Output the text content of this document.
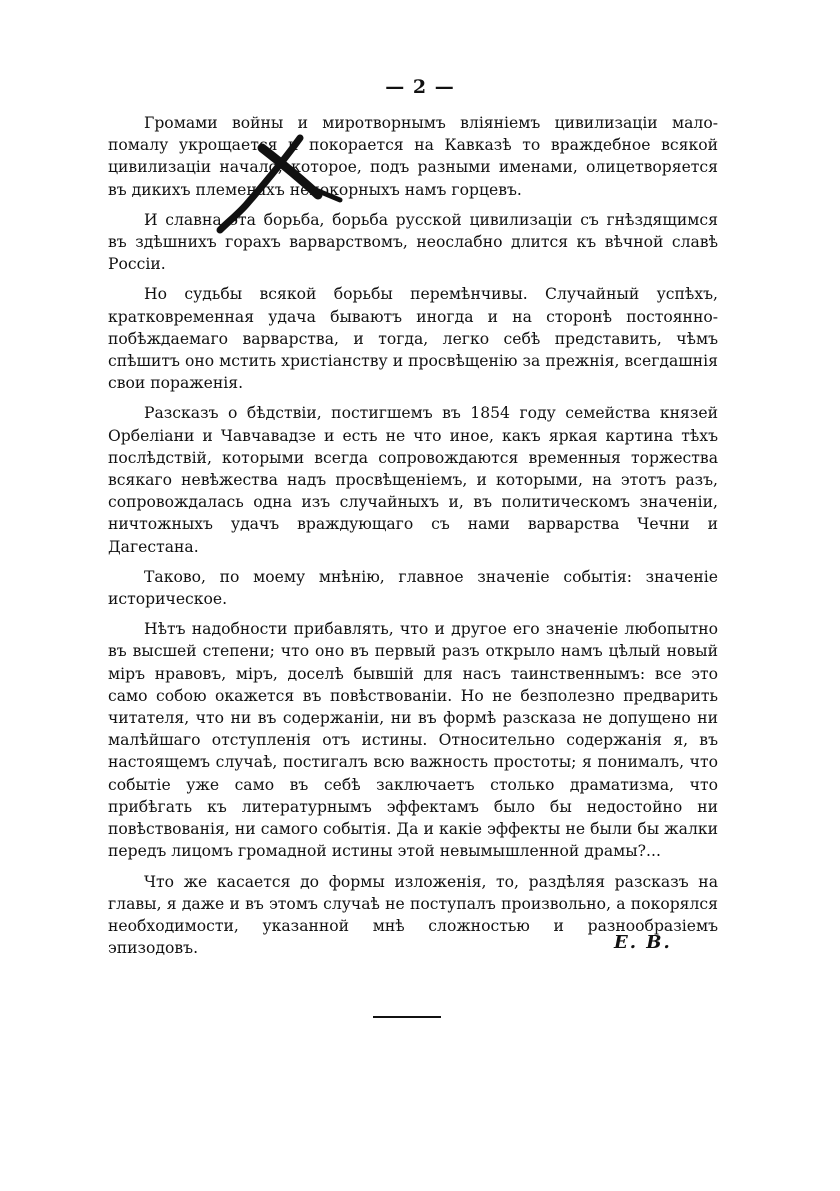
— 2 —

Громами войны и миротворнымъ вліяніемъ цивилизаціи мало-помалу укрощается и покорается на Кавказѣ то враждебное всякой цивилизаціи начало, которое, подъ разными именами, олицетворяется въ дикихъ племенахъ непокорныхъ намъ горцевъ.

И славна эта борьба, борьба русской цивилизаціи съ гнѣздящимся въ здѣшнихъ горахъ варварствомъ, неослабно длится къ вѣчной славѣ Россіи.

Но судьбы всякой борьбы перемѣнчивы. Случайный успѣхъ, кратковременная удача бываютъ иногда и на сторонѣ постоянно-побѣждаемаго варварства, и тогда, легко себѣ представить, чѣмъ спѣшитъ оно мстить христіанству и просвѣщенію за прежнія, всегдашнія свои пораженія.

Разсказъ о бѣдствіи, постигшемъ въ 1854 году семейства князей Орбеліани и Чавчавадзе и есть не что иное, какъ яркая картина тѣхъ послѣдствій, которыми всегда сопровождаются временныя торжества всякаго невѣжества надъ просвѣщеніемъ, и которыми, на этотъ разъ, сопровождалась одна изъ случайныхъ и, въ политическомъ значеніи, ничтожныхъ удачъ враждующаго съ нами варварства Чечни и Дагестана.

Таково, по моему мнѣнію, главное значеніе событія: значеніе историческое.

Нѣтъ надобности прибавлять, что и другое его значеніе любопытно въ высшей степени; что оно въ первый разъ открыло намъ цѣлый новый міръ нравовъ, міръ, доселѣ бывшій для насъ таинственнымъ: все это само собою окажется въ повѣствованіи. Но не безполезно предварить читателя, что ни въ содержаніи, ни въ формѣ разсказа не допущено ни малѣйшаго отступленія отъ истины. Относительно содержанія я, въ настоящемъ случаѣ, постигалъ всю важность простоты; я понималъ, что событіе уже само въ себѣ заключаетъ столько драматизма, что прибѣгать къ литературнымъ эффектамъ было бы недостойно ни повѣствованія, ни самого событія. Да и какіе эффекты не были бы жалки передъ лицомъ громадной истины этой невымышленной драмы?...

Что же касается до формы изложенія, то, раздѣляя разсказъ на главы, я даже и въ этомъ случаѣ не поступалъ произвольно, а покорялся необходимости, указанной мнѣ сложностью и разнообразіемъ эпизодовъ.	Е. В.
